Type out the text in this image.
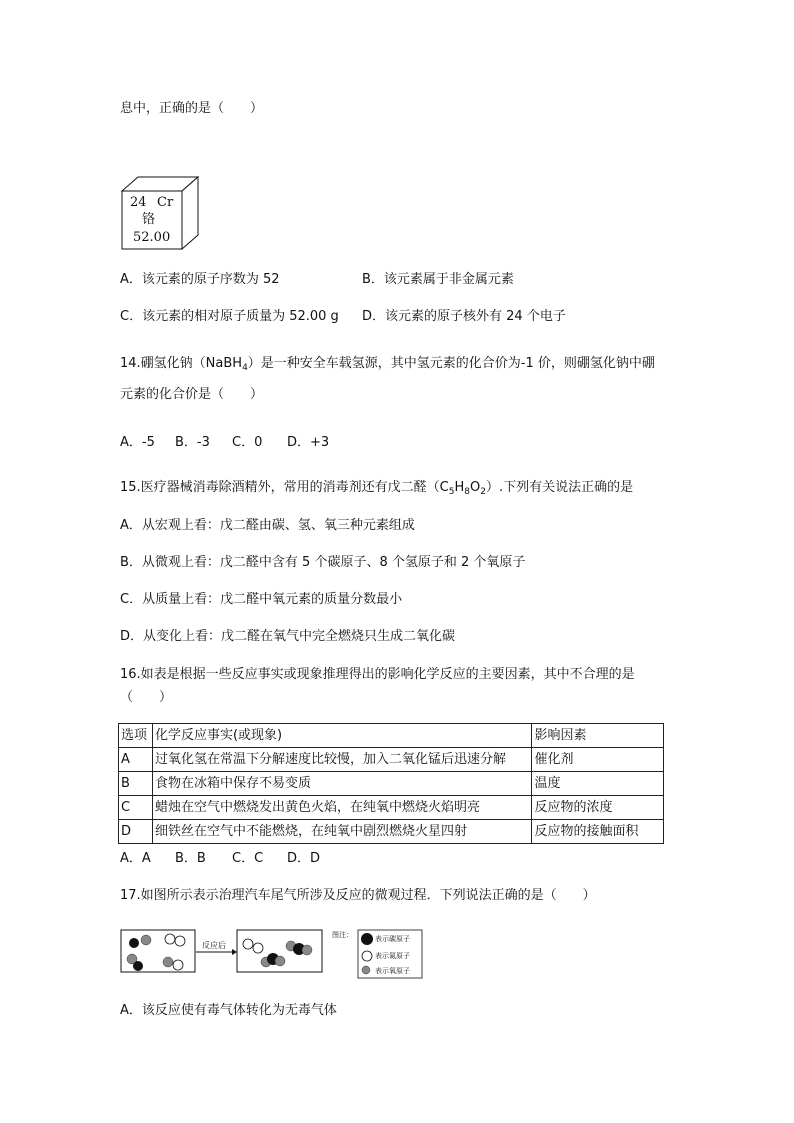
息中，正确的是（　　）
24 Cr
铬
52.00
A．该元素的原子序数为 52	B．该元素属于非金属元素
C．该元素的相对原子质量为 52.00 g D．该元素的原子核外有 24 个电子
14.硼氢化钠（NaBH$_4$）是一种安全车载氢源，其中氢元素的化合价为-1 价，则硼氢化钠中硼
元素的化合价是（　　）
A．-5 B．-3 C．0 D．+3
15.医疗器械消毒除酒精外，常用的消毒剂还有戊二醛$(C_5H_8O_2)$.下列有关说法正确的是
A．从宏观上看：戊二醛由碳、氢、氧三种元素组成
B．从微观上看：戊二醛中含有 5 个碳原子、8 个氢原子和 2 个氧原子
C．从质量上看：戊二醛中氧元素的质量分数最小
D．从变化上看：戊二醛在氧气中完全燃烧只生成二氧化碳
16.如表是根据一些反应事实或现象推理得出的影响化学反应的主要因素，其中不合理的是
（　　）
选项	化学反应事实(或现象)	影响因素
A	过氧化氢在常温下分解速度比较慢，加入二氧化锰后迅速分解	催化剂
B	食物在冰箱中保存不易变质	温度
C	蜡烛在空气中燃烧发出黄色火焰，在纯氧中燃烧火焰明亮	反应物的浓度
D	细铁丝在空气中不能燃烧，在纯氧中剧烈燃烧火星四射	反应物的接触面积
A．A B．B C．C D．D
17.如图所示表示治理汽车尾气所涉及反应的微观过程．下列说法正确的是（　　）
反应后
图注：	表示碳原子
表示氮原子
表示氧原子
A．该反应使有毒气体转化为无毒气体
